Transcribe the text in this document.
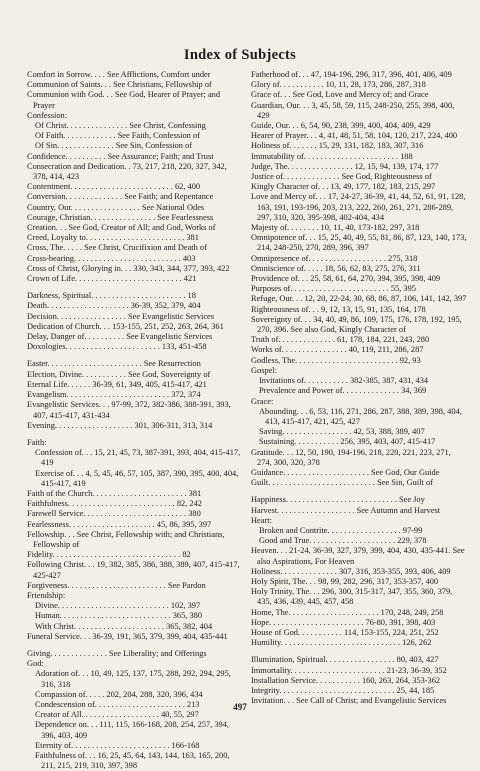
Index of Subjects

Comfort in Sorrow. . . . See Afflictions, Comfort under

Communion of Saints. . . See Christians, Fellowship of

Communion with God. . . See God, Hearer of Prayer; and Prayer

Confession:

Of Christ. . . . . . . . . . . . . . . See Christ, Confessing

Of Faith. . . . . . . . . . . . . See Faith, Confession of

Of Sin. . . . . . . . . . . . . . See Sin, Confession of

Confidence. . . . . . . . . . See Assurance; Faith; and Trust

Consecration and Dedication. . 73, 217, 218, 220, 327, 342, 378, 414, 423

Contentment. . . . . . . . . . . . . . . . . . . . . . . . . 62, 400

Conversion. . . . . . . . . . . . . . See Faith; and Repentance

Country, Our. . . . . . . . . . . . . . . . . See National Odes

Courage, Christian. . . . . . . . . . . . . . . . See Fearlessness

Creation. . . See God, Creator of All; and God, Works of

Creed, Loyalty to. . . . . . . . . . . . . . . . . . . . . . . . 381

Cross, The. . . . . See Christ, Crucifixion and Death of

Cross-bearing. . . . . . . . . . . . . . . . . . . . . . . . . . 403

Cross of Christ, Glorying in. . . 330, 343, 344, 377, 393, 422

Crown of Life. . . . . . . . . . . . . . . . . . . . . . . . . . 421

Darkness, Spiritual. . . . . . . . . . . . . . . . . . . . . . . 18

Death. . . . . . . . . . . . . . . . . . . . 36-39, 352, 379, 404

Decision. . . . . . . . . . . . . . . . . See Evangelistic Services

Dedication of Church. . . 153-155, 251, 252, 263, 264, 361

Delay, Danger of. . . . . . . . . . See Evangelistic Services

Doxologies. . . . . . . . . . . . . . . . . . . . . . . 133, 451-458

Easter. . . . . . . . . . . . . . . . . . . . . . . See Resurrection

Election, Divine. . . . . . . . . . . See God, Sovereignty of

Eternal Life. . . . . . 36-39, 61, 349, 405, 415-417, 421

Evangelism. . . . . . . . . . . . . . . . . . . . . . . . . 372, 374

Evangelistic Services. . . 97-99, 372, 382-386, 388-391, 393, 407, 415-417, 431-434

Evening. . . . . . . . . . . . . . . . . . . 301, 306-311, 313, 314

Faith:

Confession of. . . 15, 21, 45, 73, 387-391, 393, 404, 415-417, 419

Exercise of. . . 4, 5, 45, 46, 57, 105, 387, 390, 395, 400, 404, 415-417, 419

Faith of the Church. . . . . . . . . . . . . . . . . . . . . . . 381

Faithfulness. . . . . . . . . . . . . . . . . . . . . . . . . . 82, 242

Farewell Service. . . . . . . . . . . . . . . . . . . . . . . . . 380

Fearlessness. . . . . . . . . . . . . . . . . . . . . 45, 86, 395, 397

Fellowship. . . See Christ, Fellowship with; and Christians, Fellowship of

Fidelity. . . . . . . . . . . . . . . . . . . . . . . . . . . . . . . 82

Following Christ. . . 19, 382, 385, 386, 388, 389, 407, 415-417, 425-427

Forgiveness. . . . . . . . . . . . . . . . . . . . . . . . See Pardon

Friendship:

Divine. . . . . . . . . . . . . . . . . . . . . . . . . . . 102, 397

Human. . . . . . . . . . . . . . . . . . . . . . . . . . . 365, 380

With Christ. . . . . . . . . . . . . . . . . . . . . . 365, 382, 404

Funeral Service. . . 36-39, 191, 365, 379, 399, 404, 435-441

Giving. . . . . . . . . . . . . . See Liberality; and Offerings

God:

Adoration of. . . 10, 49, 125, 137, 175, 288, 292, 294, 295, 316, 318

Compassion of. . . . . 202, 204, 288, 320, 396, 434

Condescension of. . . . . . . . . . . . . . . . . . . . . . 213

Creator of All. . . . . . . . . . . . . . . . . . . 40, 55, 297

Dependence on. . . 111, 115, 166-168, 208, 254, 257, 394, 396, 403, 409

Eternity of. . . . . . . . . . . . . . . . . . . . . . . . 166-168

Faithfulness of. . . 16, 25, 45, 64, 143, 144, 163, 165, 200, 211, 215, 219, 310, 397, 398

Fatherhood of. . . 47, 194-196, 296, 317, 396, 401, 406, 409

Glory of. . . . . . . . . . . 10, 11, 28, 173, 286, 287, 318

Grace of. . . See God, Love and Mercy of; and Grace

Guardian, Our. . . 3, 45, 58, 59, 115, 248-250, 255, 398, 400, 429

Guide, Our. . . 6, 54, 90, 238, 399, 400, 404, 409, 429

Hearer of Prayer. . . 4, 41, 48, 51, 58, 104, 120, 217, 224, 400

Holiness of. . . . . . . 15, 29, 131, 182, 183, 307, 316

Immutability of. . . . . . . . . . . . . . . . . . . . . . . 188

Judge, The. . . . . . . . . . . . . . . . 12, 15, 94, 139, 174, 177

Justice of. . . . . . . . . . . . . . See God, Righteousness of

Kingly Character of. . . 13, 49, 177, 182, 183, 215, 297

Love and Mercy of. . . 17, 24-27, 36-39, 41, 44, 52, 61, 91, 128, 163, 191, 193-196, 203, 213, 222, 260, 261, 271, 286-289, 297, 310, 320, 395-398, 402-404, 434

Majesty of. . . . . . . . 10, 11, 40, 173-182, 297, 318

Omnipotence of. . . 15, 25, 40, 49, 55, 81, 86, 87, 123, 140, 173, 214, 248-250, 270, 289, 396, 397

Omnipresence of. . . . . . . . . . . . . . . . . . . 275, 318

Omniscience of. . . . . 18, 56, 62, 83, 275, 276, 311

Providence of. . . 25, 58, 61, 64, 270, 394, 395, 398, 409

Purposes of. . . . . . . . . . . . . . . . . . . . . . . . 55, 395

Refuge, Our. . . 12, 20, 22-24, 30, 68, 86, 87, 106, 141, 142, 397

Righteousness of. . . 9, 12, 13, 15, 91, 135, 164, 178

Sovereignty of. . . 34, 40, 49, 86, 109, 175, 176, 178, 192, 195, 270, 396. See also God, Kingly Character of

Truth of. . . . . . . . . . . . . . 61, 178, 184, 221, 243, 280

Works of. . . . . . . . . . . . . . . . 40, 119, 211, 286, 287

Godless, The. . . . . . . . . . . . . . . . . . . . . . . . . 92, 93

Gospel:

Invitations of. . . . . . . . . . . 382-385, 387, 431, 434

Prevalence and Power of. . . . . . . . . . . . . . 34, 369

Grace:

Abounding. . . 6, 53, 116, 271, 286, 287, 388, 389, 398, 404, 413, 415-417, 421, 425, 427

Saving. . . . . . . . . . . . . . . . . 42, 53, 388, 389, 407

Sustaining. . . . . . . . . . . 256, 395, 403, 407, 415-417

Gratitude. . . 12, 50, 190, 194-196, 218, 220, 221, 223, 271, 274, 300, 320, 378

Guidance. . . . . . . . . . . . . . . . . . . . . See God, Our Guide

Guilt. . . . . . . . . . . . . . . . . . . . . . . . . . See Sin, Guilt of

Happiness. . . . . . . . . . . . . . . . . . . . . . . . . . . See Joy

Harvest. . . . . . . . . . . . . . . . . . . See Autumn and Harvest

Heart:

Broken and Contrite. . . . . . . . . . . . . . . . . . 97-99

Good and True. . . . . . . . . . . . . . . . . . . . . 229, 378

Heaven. . . 21-24, 36-39, 327, 379, 399, 404, 430, 435-441. See also Aspirations, For Heaven

Holiness. . . . . . . . . . . . . . 307, 316, 353-355, 393, 406, 409

Holy Spirit, The. . . 98, 99, 282, 296, 317, 353-357, 400

Holy Trinity, The. . . 296, 300, 315-317, 347, 355, 360, 379, 435, 436, 439, 445, 457, 458

Home, The. . . . . . . . . . . . . . . . . . . . . . 170, 248, 249, 258

Hope. . . . . . . . . . . . . . . . . . . . . . . 76-80, 391, 398, 403

House of God. . . . . . . . . . . 114, 153-155, 224, 251, 252

Humility. . . . . . . . . . . . . . . . . . . . . . . . . . . . . 126, 262

Illumination, Spiritual. . . . . . . . . . . . . . . . . 80, 403, 427

Immortality. . . . . . . . . . . . . . . . . . . . . . . 21-23, 36-39, 352

Installation Service. . . . . . . . . . . 160, 263, 264, 353-362

Integrity. . . . . . . . . . . . . . . . . . . . . . . . . . . . 25, 44, 185

Invitation. . . See Call of Christ; and Evangelistic Services

497
